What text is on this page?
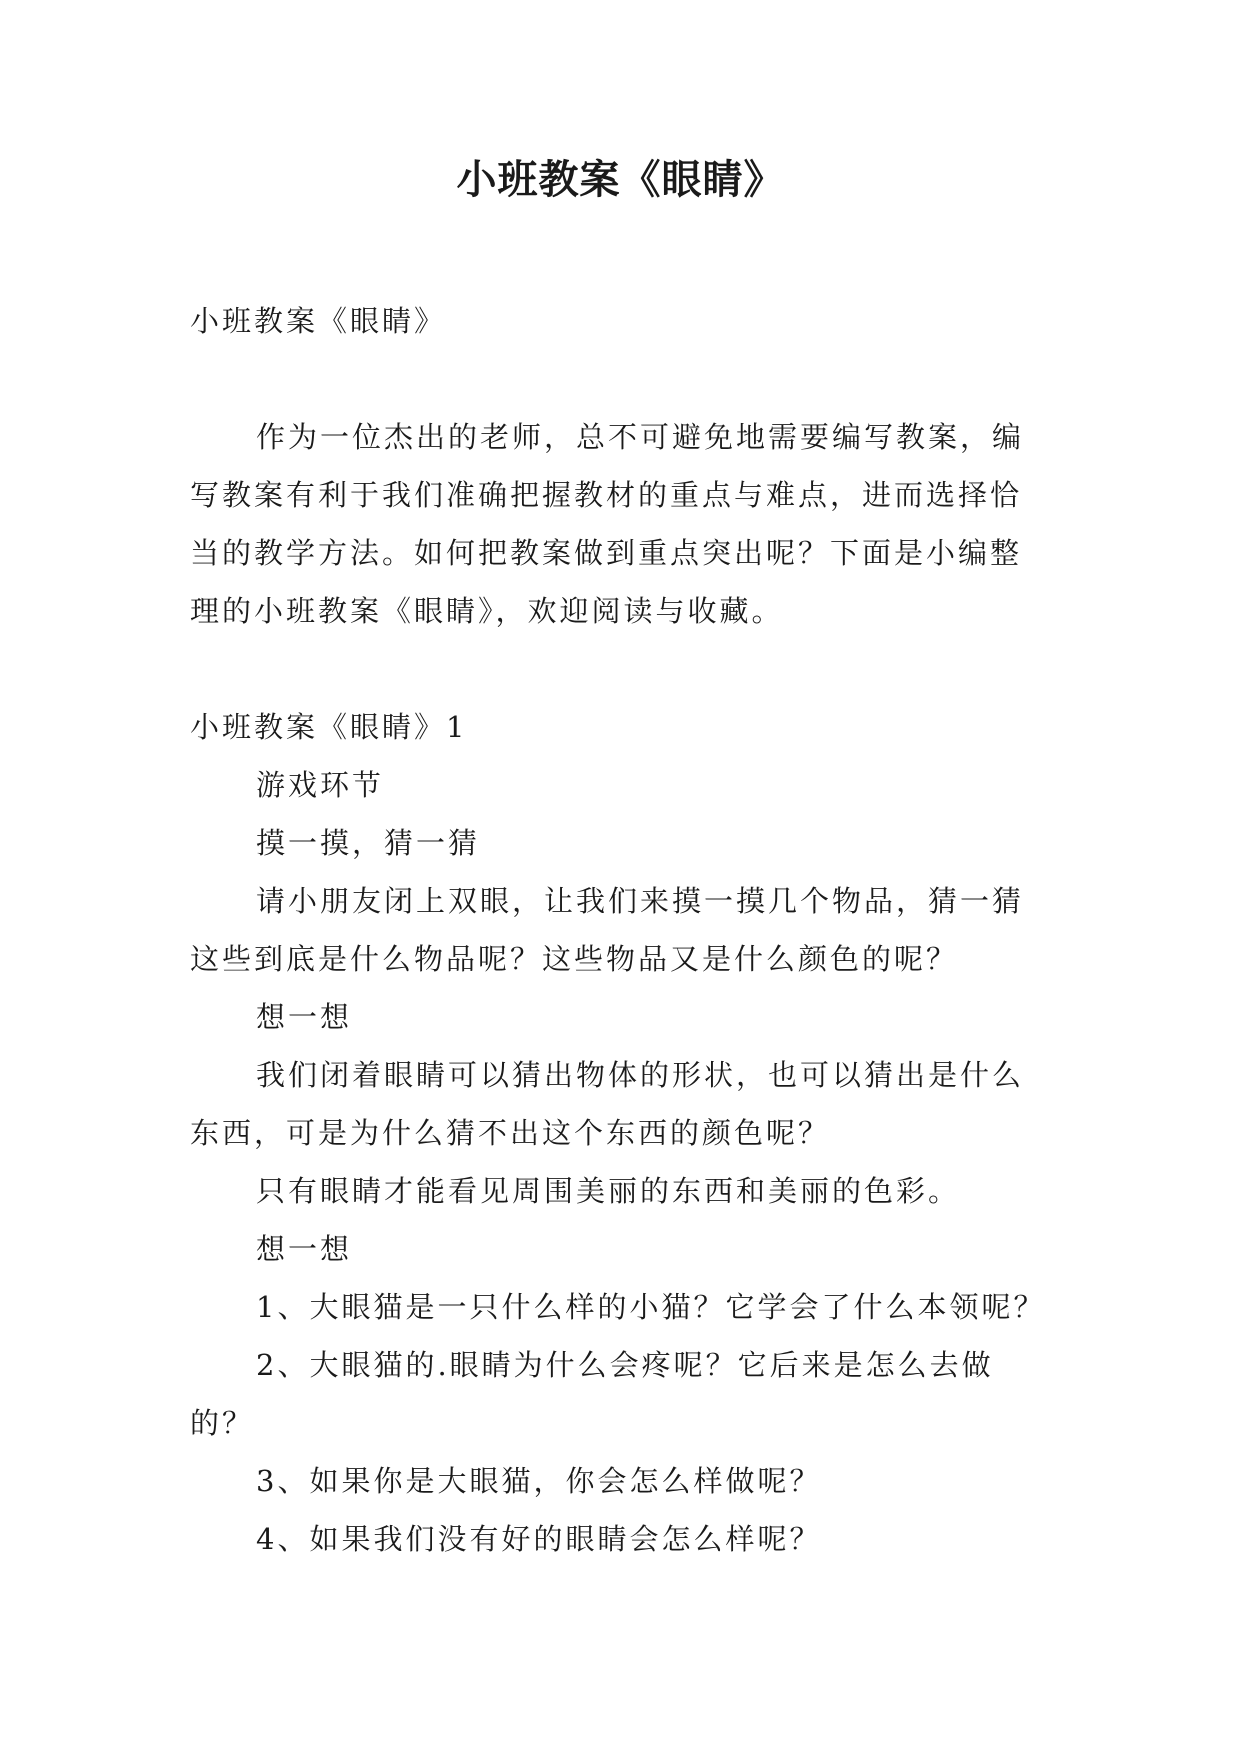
小班教案《眼睛》

小班教案《眼睛》

作为一位杰出的老师，总不可避免地需要编写教案，编

写教案有利于我们准确把握教材的重点与难点，进而选择恰

当的教学方法。如何把教案做到重点突出呢？下面是小编整

理的小班教案《眼睛》，欢迎阅读与收藏。

小班教案《眼睛》1

游戏环节

摸一摸，猜一猜

请小朋友闭上双眼，让我们来摸一摸几个物品，猜一猜

这些到底是什么物品呢？这些物品又是什么颜色的呢？

想一想

我们闭着眼睛可以猜出物体的形状，也可以猜出是什么

东西，可是为什么猜不出这个东西的颜色呢？

只有眼睛才能看见周围美丽的东西和美丽的色彩。

想一想

1、大眼猫是一只什么样的小猫？它学会了什么本领呢？

2、大眼猫的.眼睛为什么会疼呢？它后来是怎么去做

的？

3、如果你是大眼猫，你会怎么样做呢？

4、如果我们没有好的眼睛会怎么样呢？
